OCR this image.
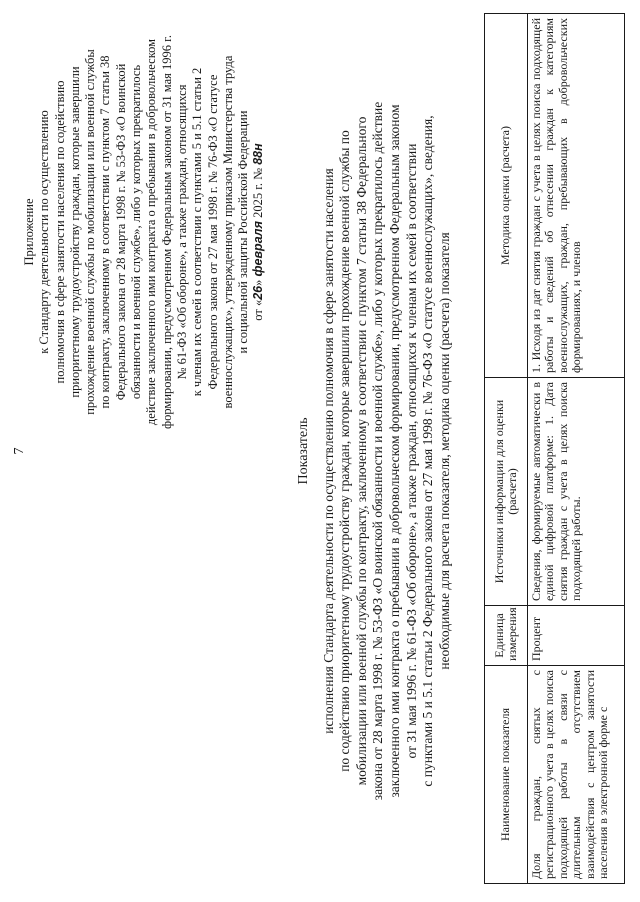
7
Приложение к Стандарту деятельности по осуществлению полномочия в сфере занятости населения по содействию приоритетному трудоустройству граждан, которые завершили прохождение военной службы по мобилизации или военной службы по контракту, заключенному в соответствии с пунктом 7 статьи 38 Федерального закона от 28 марта 1998 г. № 53-ФЗ «О воинской обязанности и военной службе», либо у которых прекратилось действие заключенного ими контракта о пребывании в добровольческом формировании, предусмотренном Федеральным законом от 31 мая 1996 г. № 61-ФЗ «Об обороне», а также граждан, относящихся к членам их семей в соответствии с пунктами 5 и 5.1 статьи 2 Федерального закона от 27 мая 1998 г. № 76-ФЗ «О статусе военнослужащих», утвержденному приказом Министерства труда и социальной защиты Российской Федерации от «26» февраля 2025 г. № 88н
Показатель исполнения Стандарта деятельности по осуществлению полномочия в сфере занятости населения по содействию приоритетному трудоустройству граждан, которые завершили прохождение военной службы по мобилизации или военной службы по контракту, заключенному в соответствии с пунктом 7 статьи 38 Федерального закона от 28 марта 1998 г. № 53-ФЗ «О воинской обязанности и военной службе», либо у которых прекратилось действие заключенного ими контракта о пребывании в добровольческом формировании, предусмотренном Федеральным законом от 31 мая 1996 г. № 61-ФЗ «Об обороне», а также граждан, относящихся к членам их семей в соответствии с пунктами 5 и 5.1 статьи 2 Федерального закона от 27 мая 1998 г. № 76-ФЗ «О статусе военнослужащих», сведения, необходимые для расчета показателя, методика оценки (расчета) показателя
Наименование показателя	Единица измерения	Источники информации для оценки (расчета)	Методика оценки (расчета)
Доля граждан, снятых с регистрационного учета в целях поиска подходящей работы в связи с длительным отсутствием взаимодействия с центром занятости населения в электронной форме с	Процент	Сведения, формируемые автоматически в единой цифровой платформе: 1. Дата снятия граждан с учета в целях поиска подходящей работы.	1. Исходя из дат снятия граждан с учета в целях поиска подходящей работы и сведений об отнесении граждан к категориям военнослужащих, граждан, пребывающих в добровольческих формированиях, и членов
